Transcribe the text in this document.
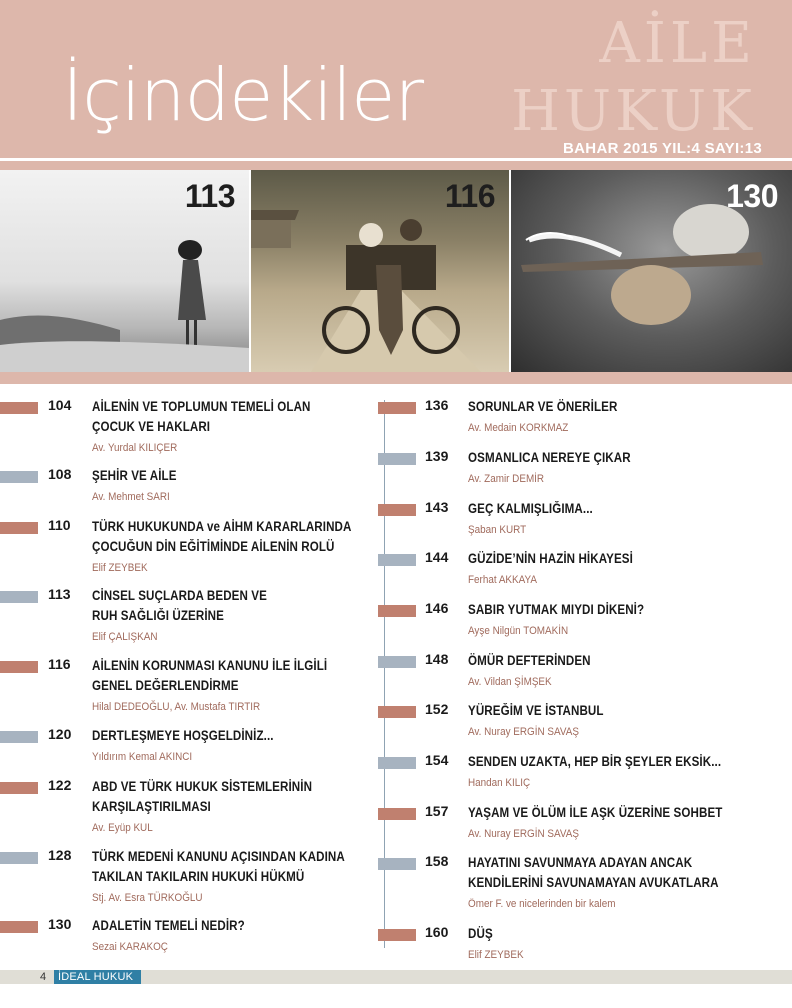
AİLE
HUKUK
İçindekiler
BAHAR 2015 YIL:4 SAYI:13
113	116	130
104 AİLENİN VE TOPLUMUN TEMELİ OLAN
ÇOCUK VE HAKLARI
Av. Yurdal KILIÇER
108 ŞEHİR VE AİLE
Av. Mehmet SARI
110 TÜRK HUKUKUNDA ve AİHM KARARLARINDA
ÇOCUĞUN DİN EĞİTİMİNDE AİLENİN ROLÜ
Elif ZEYBEK
113 CİNSEL SUÇLARDA BEDEN VE
RUH SAĞLIĞI ÜZERİNE
Elif ÇALIŞKAN
116 AİLENİN KORUNMASI KANUNU İLE İLGİLİ
GENEL DEĞERLENDİRME
Hilal DEDEOĞLU, Av. Mustafa TIRTIR
120 DERTLEŞMEYE HOŞGELDİNİZ...
Yıldırım Kemal AKINCI
122 ABD VE TÜRK HUKUK SİSTEMLERİNİN
KARŞILAŞTIRILMASI
Av. Eyüp KUL
128 TÜRK MEDENİ KANUNU AÇISINDAN KADINA
TAKILAN TAKILARIN HUKUKİ HÜKMÜ
Stj. Av. Esra TÜRKOĞLU
130 ADALETİN TEMELİ NEDİR?
Sezai KARAKOÇ
136 SORUNLAR VE ÖNERİLER
Av. Medain KORKMAZ
139 OSMANLICA NEREYE ÇIKAR
Av. Zamir DEMİR
143 GEÇ KALMIŞLIĞIMA...
Şaban KURT
144 GÜZİDE’NİN HAZİN HİKAYESİ
Ferhat AKKAYA
146 SABIR YUTMAK MIYDI DİKENİ?
Ayşe Nilgün TOMAKİN
148 ÖMÜR DEFTERİNDEN
Av. Vildan ŞİMŞEK
152 YÜREĞİM VE İSTANBUL
Av. Nuray ERGİN SAVAŞ
154 SENDEN UZAKTA, HEP BİR ŞEYLER EKSİK...
Handan KILIÇ
157 YAŞAM VE ÖLÜM İLE AŞK ÜZERİNE SOHBET
Av. Nuray ERGİN SAVAŞ
158 HAYATINI SAVUNMAYA ADAYAN ANCAK
KENDİLERİNİ SAVUNAMAYAN AVUKATLARA
Ömer F. ve nicelerinden bir kalem
160 DÜŞ
Elif ZEYBEK
4	İDEAL HUKUK
